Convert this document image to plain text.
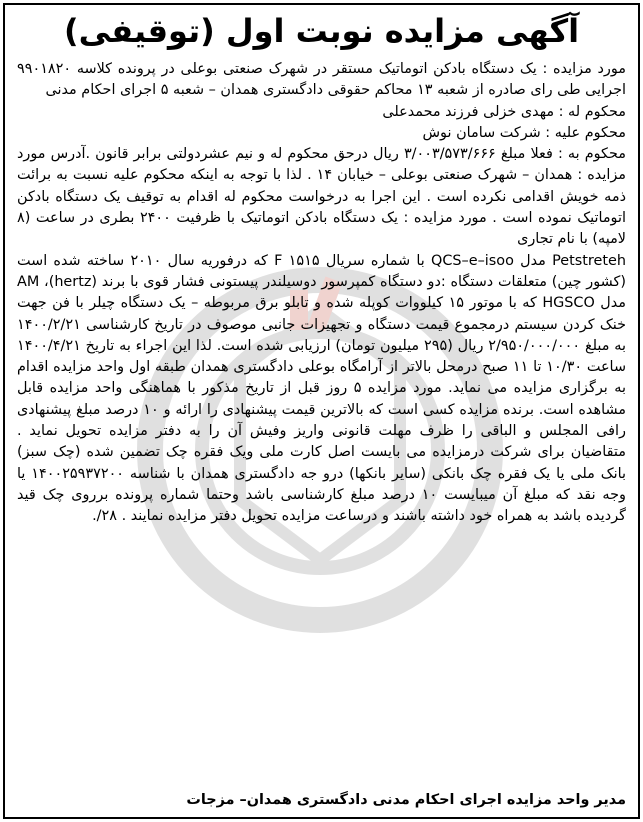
آگهی مزایده نوبت اول (توقیفی)

مورد مزایده : یک دستگاه بادکن اتوماتیک مستقر در شهرک صنعتی بوعلی در پرونده کلاسه ۹۹۰۱۸۲۰ اجرایی طی رای صادره از شعبه ۱۳ محاکم حقوقی دادگستری همدان – شعبه ۵ اجرای احکام مدنی

محکوم له : مهدی خزلی فرزند محمدعلی

محکوم علیه : شرکت سامان نوش

محکوم به : فعلا مبلغ ۳/۰۰۳/۵۷۳/۶۶۶ ریال درحق محکوم له و نیم عشردولتی برابر قانون .آدرس مورد مزایده : همدان – شهرک صنعتی بوعلی – خیابان ۱۴ . لذا با توجه به اینکه محکوم علیه نسبت به برائت ذمه خویش اقدامی نکرده است . این اجرا به درخواست محکوم له اقدام به توقیف یک دستگاه بادکن اتوماتیک نموده است . مورد مزایده : یک دستگاه بادکن اتوماتیک با ظرفیت ۲۴۰۰ بطری در ساعت (۸ لامپه) با نام تجاری

Petstreteh مدل QCS–e–isoo با شماره سریال F ۱۵۱۵ که درفوریه سال ۲۰۱۰ ساخته شده است (کشور چین) متعلقات دستگاه :دو دستگاه کمپرسور دوسیلندر پیستونی فشار قوی با برند (hertz)، AM مدل HGSCO که با موتور ۱۵ کیلووات کوپله شده و تابلو برق مربوطه – یک دستگاه چیلر با فن جهت خنک کردن سیستم درمجموع قیمت دستگاه و تجهیزات جانبی موصوف در تاریخ کارشناسی ۱۴۰۰/۲/۲۱ به مبلغ ۲/۹۵۰/۰۰۰/۰۰۰ ریال (۲۹۵ میلیون تومان) ارزیابی شده است. لذا این اجراء به تاریخ ۱۴۰۰/۴/۲۱ ساعت ۱۰/۳۰ تا ۱۱ صبح درمحل بالاتر از آرامگاه بوعلی دادگستری همدان طبقه اول واحد مزایده اقدام به برگزاری مزایده می نماید. مورد مزایده ۵ روز قبل از تاریخ مذکور با هماهنگی واحد مزایده قابل مشاهده است. برنده مزایده کسی است که بالاترین قیمت پیشنهادی را ارائه و ۱۰ درصد مبلغ پیشنهادی رافی المجلس و الباقی را ظرف مهلت قانونی واریز وفیش آن را به دفتر مزایده تحویل نماید . متقاضیان برای شرکت درمزایده می بایست اصل کارت ملی ویک فقره چک تضمین شده (چک سبز) بانک ملی یا یک فقره چک بانکی (سایر بانکها) درو جه دادگستری همدان با شناسه ۱۴۰۰۲۵۹۳۷۲۰۰ یا وجه نقد که مبلغ آن میبایست ۱۰ درصد مبلغ کارشناسی باشد وحتما شماره پرونده برروی چک قید گردیده باشد به همراه خود داشته باشند و درساعت مزایده تحویل دفتر مزایده نمایند . ۲۸/.

مدیر واحد مزایده اجرای احکام مدنی دادگستری همدان– مزجات
